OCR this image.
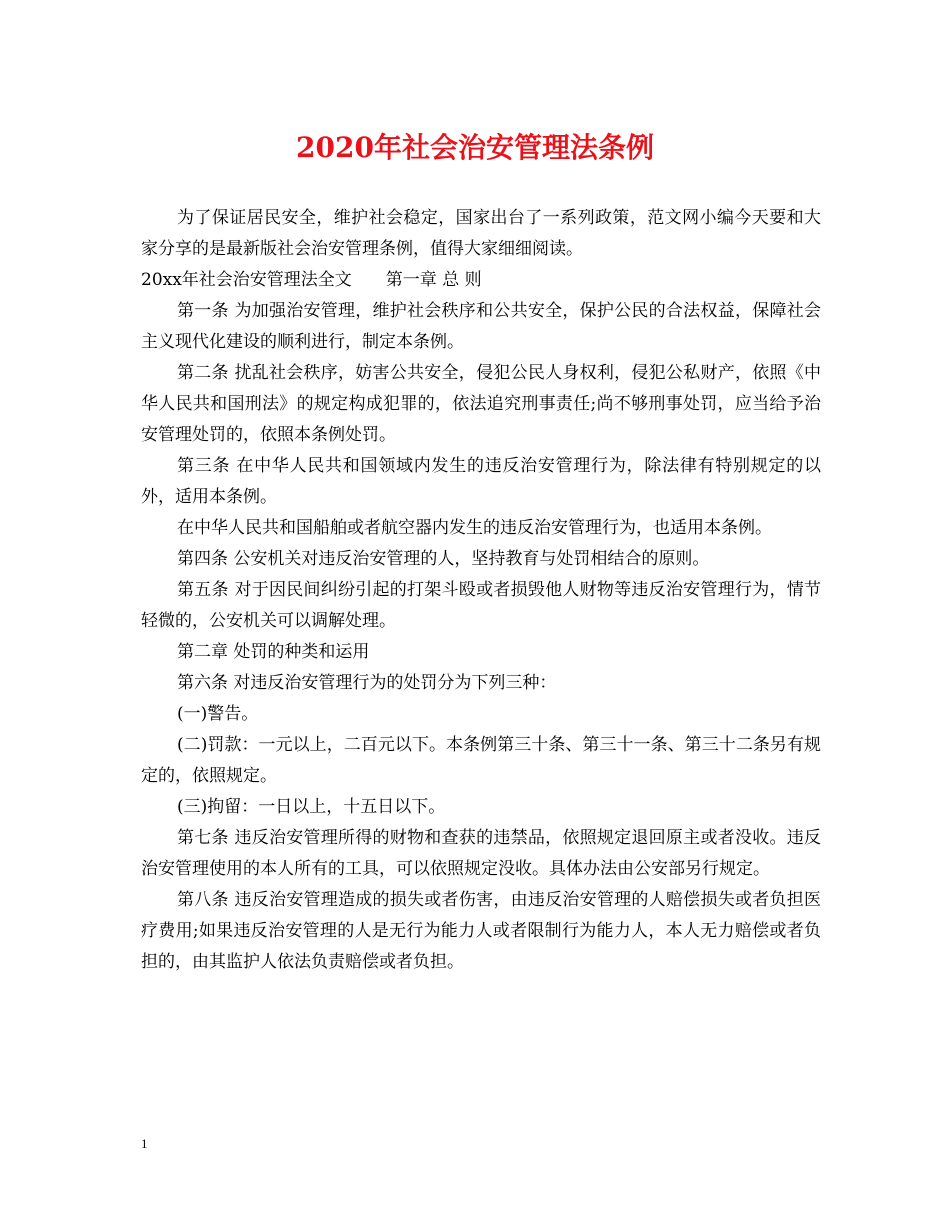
2020年社会治安管理法条例

为了保证居民安全，维护社会稳定，国家出台了一系列政策，范文网小编今天要和大家分享的是最新版社会治安管理条例，值得大家细细阅读。

20xx年社会治安管理法全文　　第一章 总 则

第一条 为加强治安管理，维护社会秩序和公共安全，保护公民的合法权益，保障社会主义现代化建设的顺利进行，制定本条例。

第二条 扰乱社会秩序，妨害公共安全，侵犯公民人身权利，侵犯公私财产，依照《中华人民共和国刑法》的规定构成犯罪的，依法追究刑事责任;尚不够刑事处罚，应当给予治安管理处罚的，依照本条例处罚。

第三条 在中华人民共和国领域内发生的违反治安管理行为，除法律有特别规定的以外，适用本条例。

在中华人民共和国船舶或者航空器内发生的违反治安管理行为，也适用本条例。

第四条 公安机关对违反治安管理的人，坚持教育与处罚相结合的原则。

第五条 对于因民间纠纷引起的打架斗殴或者损毁他人财物等违反治安管理行为，情节轻微的，公安机关可以调解处理。

第二章 处罚的种类和运用

第六条 对违反治安管理行为的处罚分为下列三种：

(一)警告。

(二)罚款：一元以上，二百元以下。本条例第三十条、第三十一条、第三十二条另有规定的，依照规定。

(三)拘留：一日以上，十五日以下。

第七条 违反治安管理所得的财物和查获的违禁品，依照规定退回原主或者没收。违反治安管理使用的本人所有的工具，可以依照规定没收。具体办法由公安部另行规定。

第八条 违反治安管理造成的损失或者伤害，由违反治安管理的人赔偿损失或者负担医疗费用;如果违反治安管理的人是无行为能力人或者限制行为能力人，本人无力赔偿或者负担的，由其监护人依法负责赔偿或者负担。

1
